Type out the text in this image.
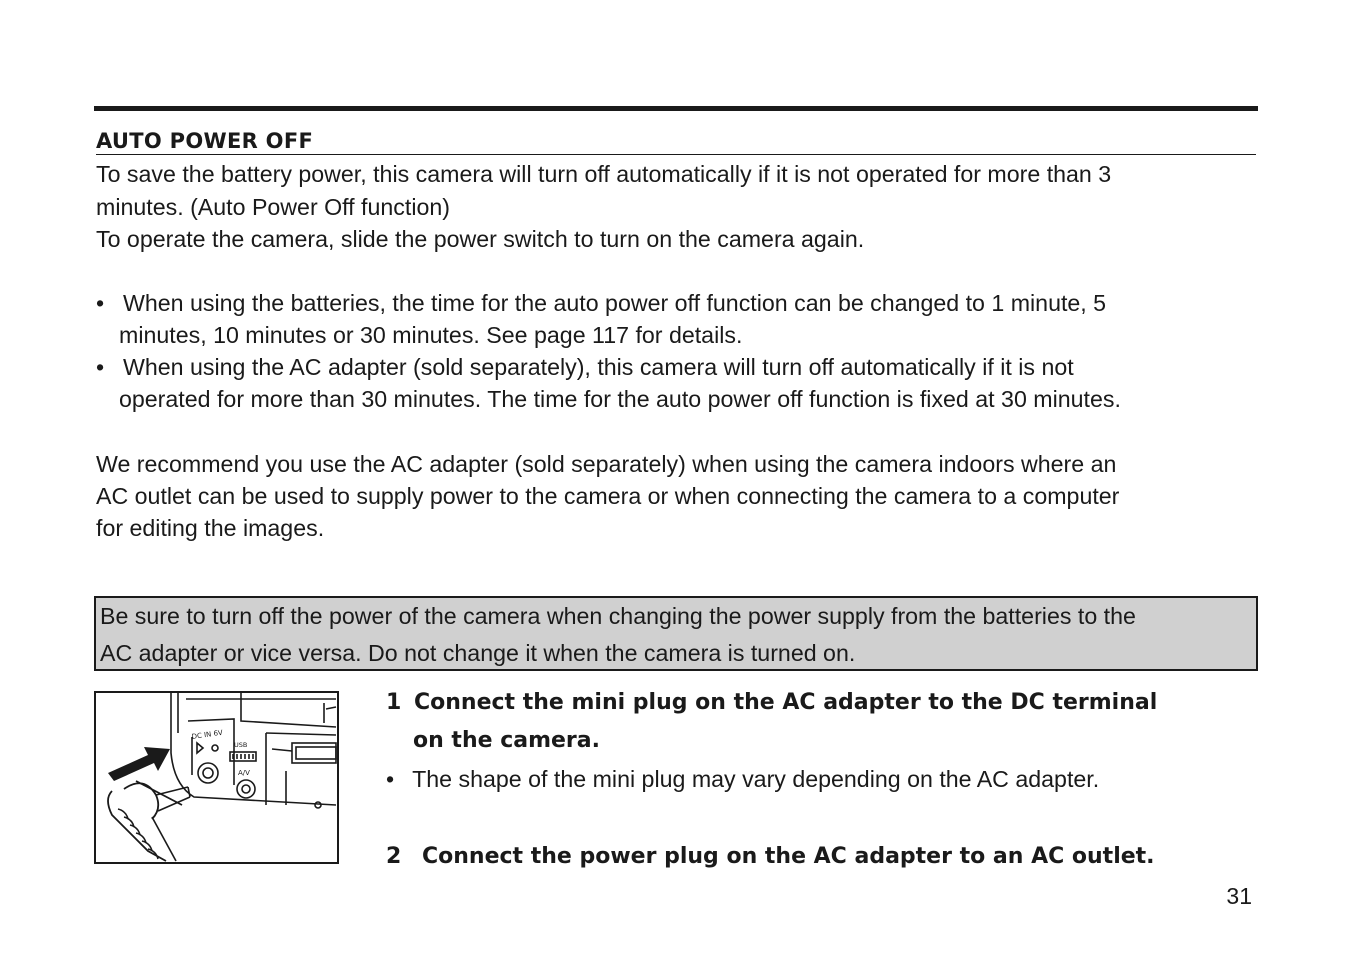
AUTO POWER OFF
To save the battery power, this camera will turn off automatically if it is not operated for more than 3
minutes. (Auto Power Off function)
To operate the camera, slide the power switch to turn on the camera again.
• When using the batteries, the time for the auto power off function can be changed to 1 minute, 5
minutes, 10 minutes or 30 minutes. See page 117 for details.
• When using the AC adapter (sold separately), this camera will turn off automatically if it is not
operated for more than 30 minutes. The time for the auto power off function is fixed at 30 minutes.
We recommend you use the AC adapter (sold separately) when using the camera indoors where an
AC outlet can be used to supply power to the camera or when connecting the camera to a computer
for editing the images.
Be sure to turn off the power of the camera when changing the power supply from the batteries to the
AC adapter or vice versa. Do not change it when the camera is turned on.
DC IN 6V
USB
A/V
1 Connect the mini plug on the AC adapter to the DC terminal
on the camera.
• The shape of the mini plug may vary depending on the AC adapter.
2 Connect the power plug on the AC adapter to an AC outlet.
31
